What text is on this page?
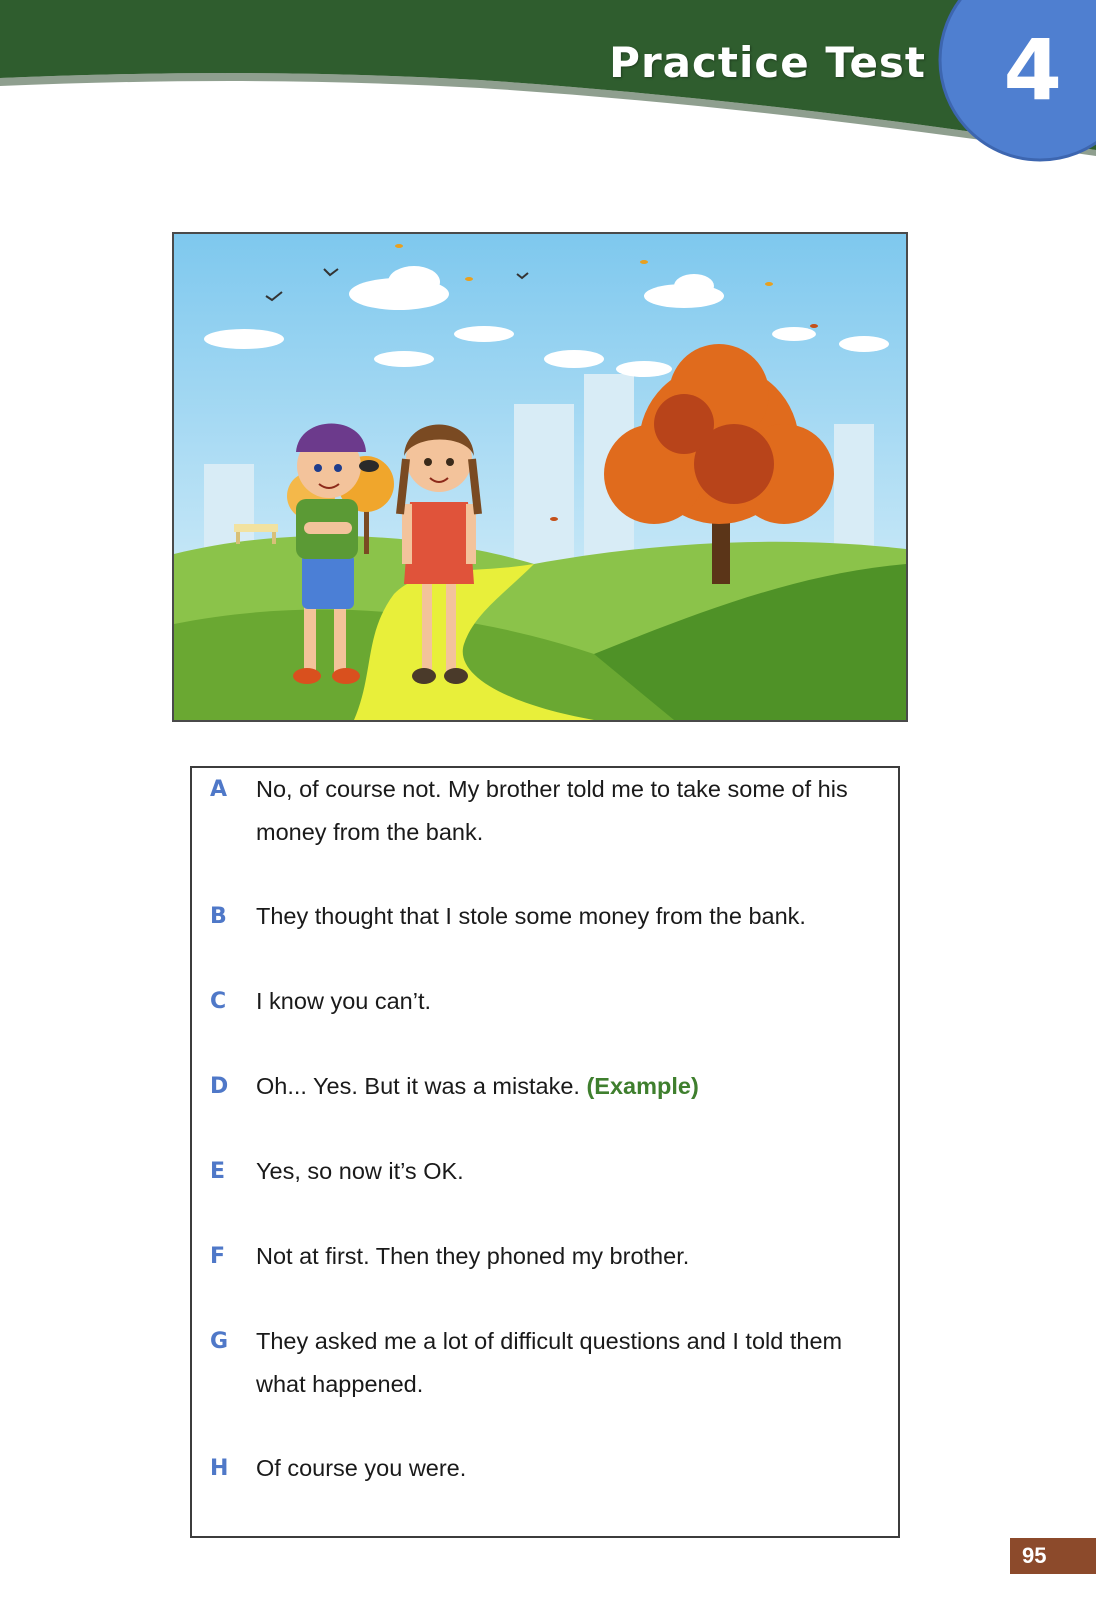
Practice Test 4
A	No, of course not. My brother told me to take some of his money from the bank.
B	They thought that I stole some money from the bank.
C	I know you can’t.
D	Oh... Yes. But it was a mistake. (Example)
E	Yes, so now it’s OK.
F	Not at first. Then they phoned my brother.
G	They asked me a lot of difficult questions and I told them what happened.
H	Of course you were.
95
